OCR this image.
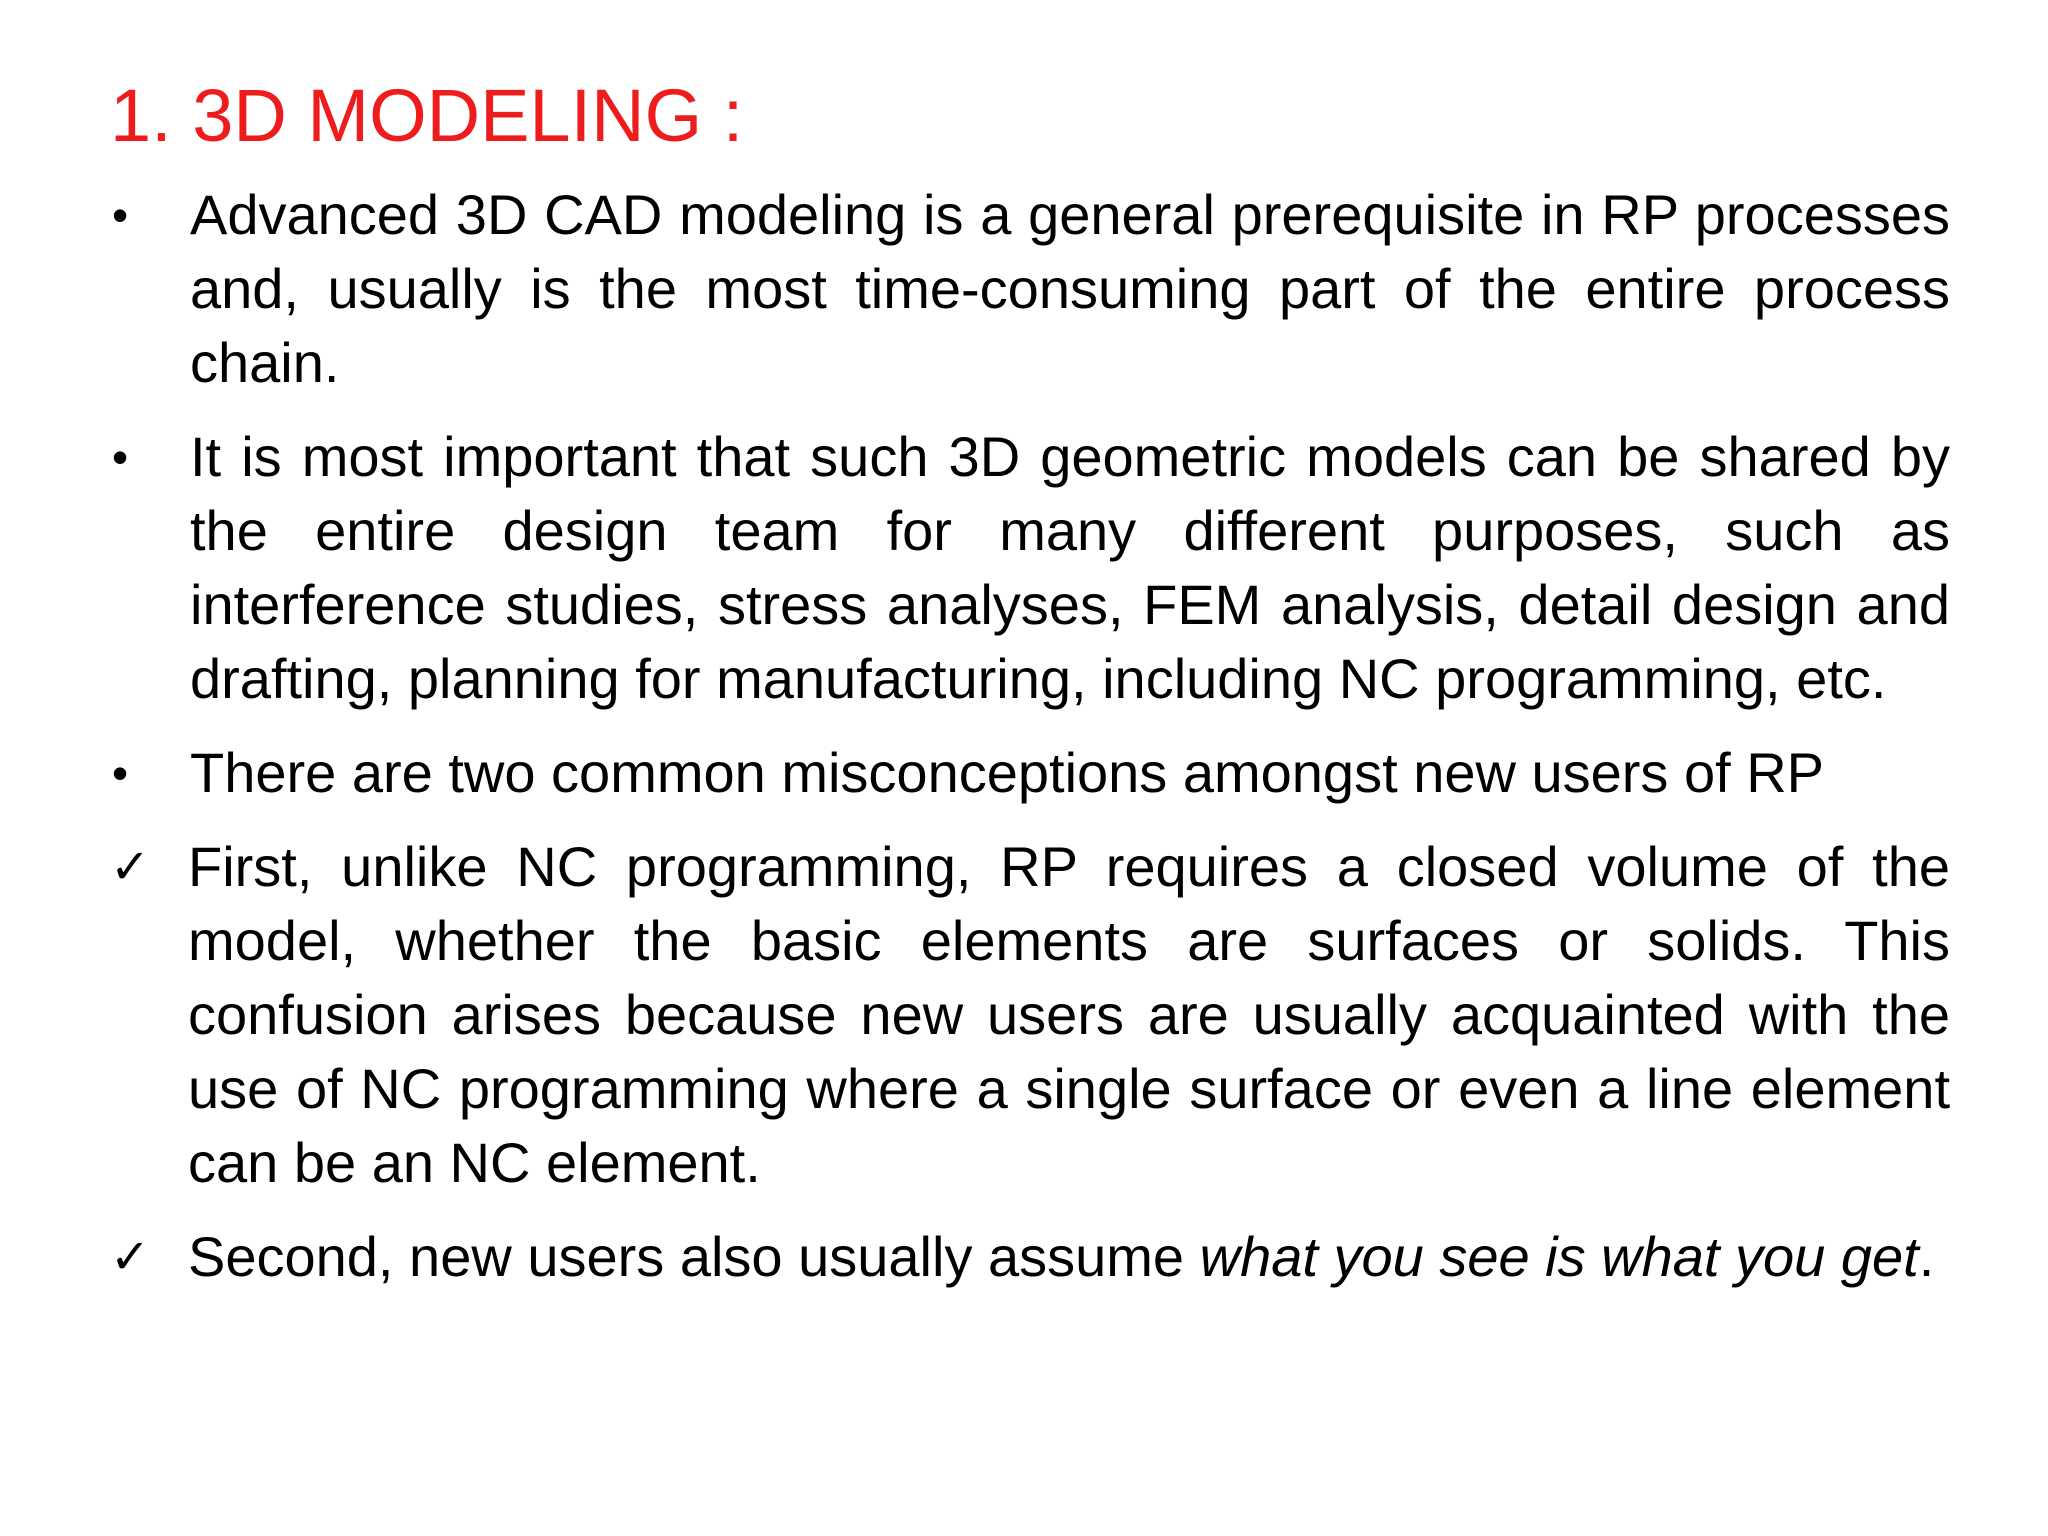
1. 3D MODELING :
•	Advanced 3D CAD modeling is a general prerequisite in RP processes and, usually is the most time-consuming part of the entire process chain.
•	It is most important that such 3D geometric models can be shared by the entire design team for many different purposes, such as interference studies, stress analyses, FEM analysis, detail design and drafting, planning for manufacturing, including NC programming, etc.
•	There are two common misconceptions amongst new users of RP
✓ First, unlike NC programming, RP requires a closed volume of the model, whether the basic elements are surfaces or solids. This confusion arises because new users are usually acquainted with the use of NC programming where a single surface or even a line element can be an NC element.
✓ Second, new users also usually assume what you see is what you get.
